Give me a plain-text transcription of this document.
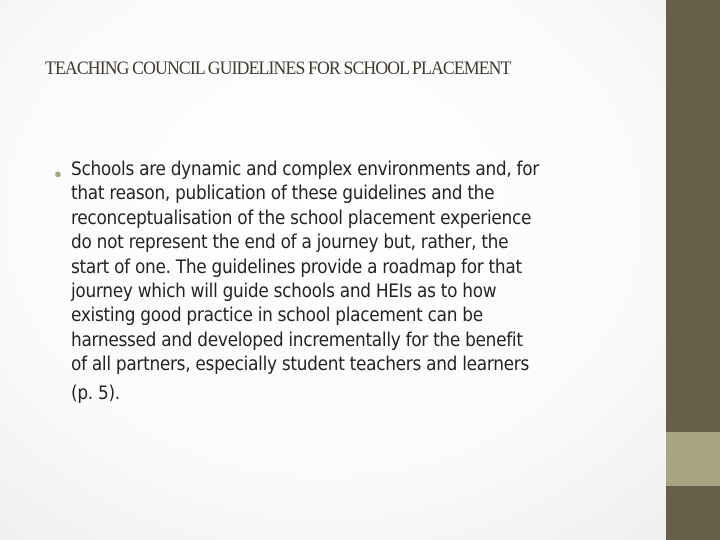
TEACHING COUNCIL GUIDELINES FOR SCHOOL PLACEMENT
● Schools are dynamic and complex environments and, for
that reason, publication of these guidelines and the
reconceptualisation of the school placement experience
do not represent the end of a journey but, rather, the
start of one. The guidelines provide a roadmap for that
journey which will guide schools and HEIs as to how
existing good practice in school placement can be
harnessed and developed incrementally for the benefit
of all partners, especially student teachers and learners
(p. 5).
